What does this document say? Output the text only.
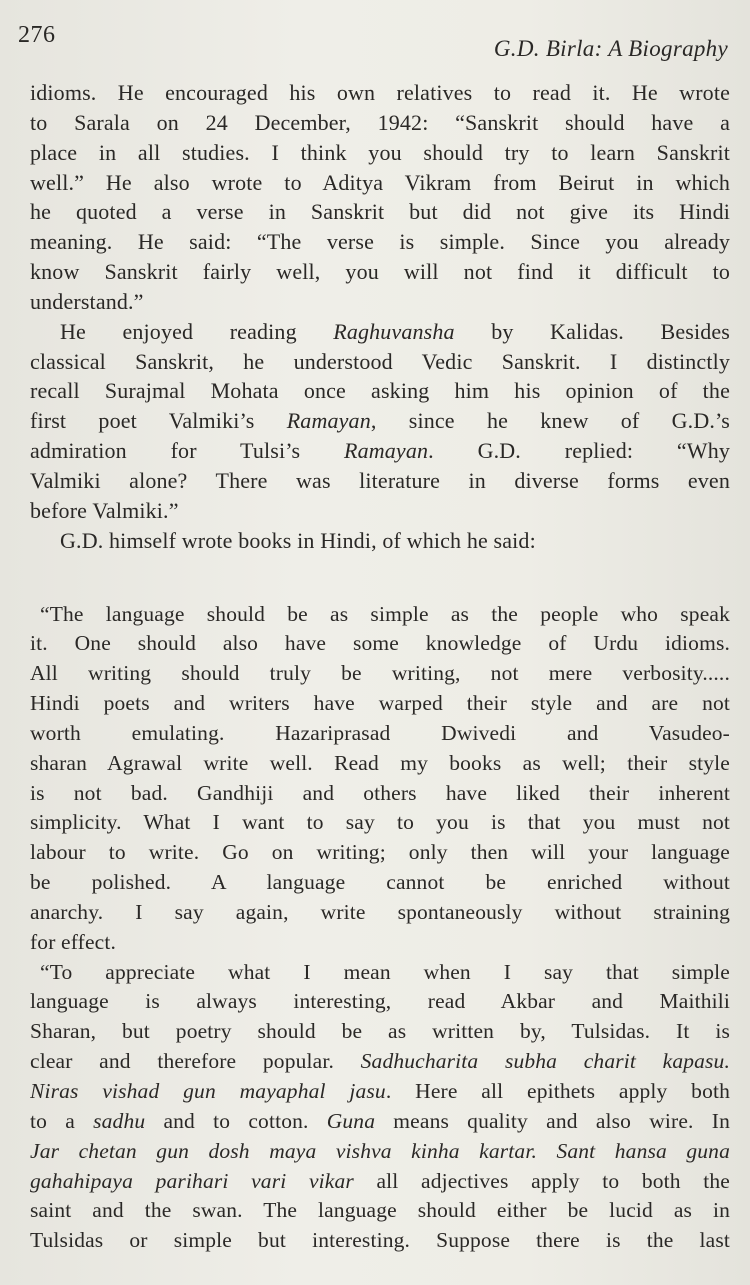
276
G.D. Birla: A Biography
idioms. He encouraged his own relatives to read it. He wrote
to Sarala on 24 December, 1942: “Sanskrit should have a
place in all studies. I think you should try to learn Sanskrit
well.” He also wrote to Aditya Vikram from Beirut in which
he quoted a verse in Sanskrit but did not give its Hindi
meaning. He said: “The verse is simple. Since you already
know Sanskrit fairly well, you will not find it difficult to
understand.”
He enjoyed reading Raghuvansha by Kalidas. Besides
classical Sanskrit, he understood Vedic Sanskrit. I distinctly
recall Surajmal Mohata once asking him his opinion of the
first poet Valmiki’s Ramayan, since he knew of G.D.’s
admiration for Tulsi’s Ramayan. G.D. replied: “Why
Valmiki alone? There was literature in diverse forms even
before Valmiki.”
G.D. himself wrote books in Hindi, of which he said:
“The language should be as simple as the people who speak
it. One should also have some knowledge of Urdu idioms.
All writing should truly be writing, not mere verbosity.....
Hindi poets and writers have warped their style and are not
worth emulating. Hazariprasad Dwivedi and Vasudeo-
sharan Agrawal write well. Read my books as well; their style
is not bad. Gandhiji and others have liked their inherent
simplicity. What I want to say to you is that you must not
labour to write. Go on writing; only then will your language
be polished. A language cannot be enriched without
anarchy. I say again, write spontaneously without straining
for effect.
“To appreciate what I mean when I say that simple
language is always interesting, read Akbar and Maithili
Sharan, but poetry should be as written by, Tulsidas. It is
clear and therefore popular. Sadhucharita subha charit kapasu.
Niras vishad gun mayaphal jasu. Here all epithets apply both
to a sadhu and to cotton. Guna means quality and also wire. In
Jar chetan gun dosh maya vishva kinha kartar. Sant hansa guna
gahahipaya parihari vari vikar all adjectives apply to both the
saint and the swan. The language should either be lucid as in
Tulsidas or simple but interesting. Suppose there is the last
